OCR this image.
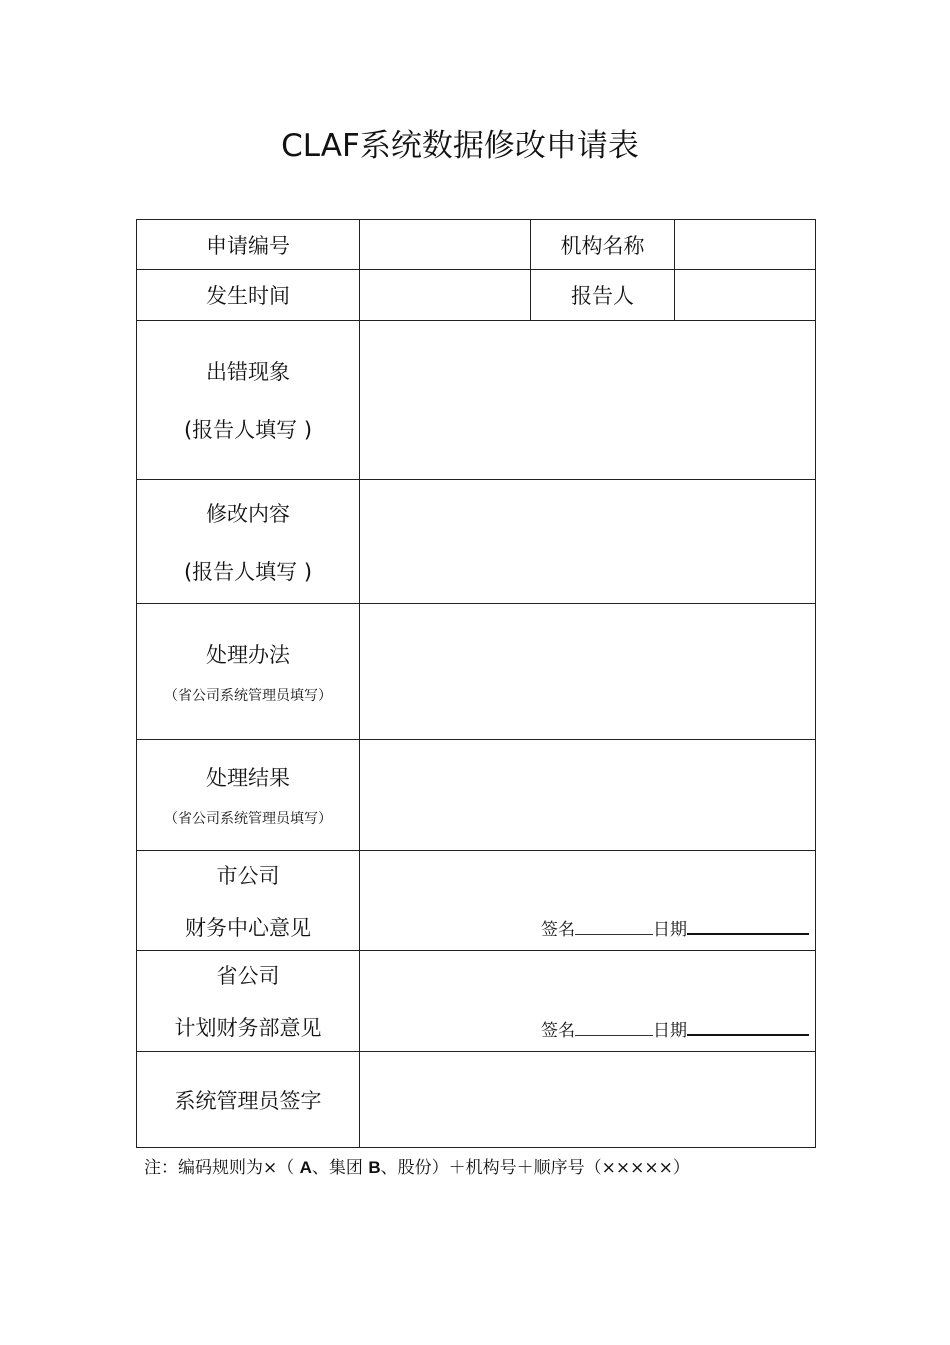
CLAF系统数据修改申请表
申请编号		机构名称	
发生时间		报告人	

出错现象
(报告人填写 )			

修改内容
(报告人填写 )			

处理办法
（省公司系统管理员填写）			

处理结果
（省公司系统管理员填写）			

市公司
财务中心意见	签名 日期		

省公司
计划财务部意见	签名 日期		

系统管理员签字			
注：编码规则为×（ A、集团 B、股份）＋机构号＋顺序号（×××××）
